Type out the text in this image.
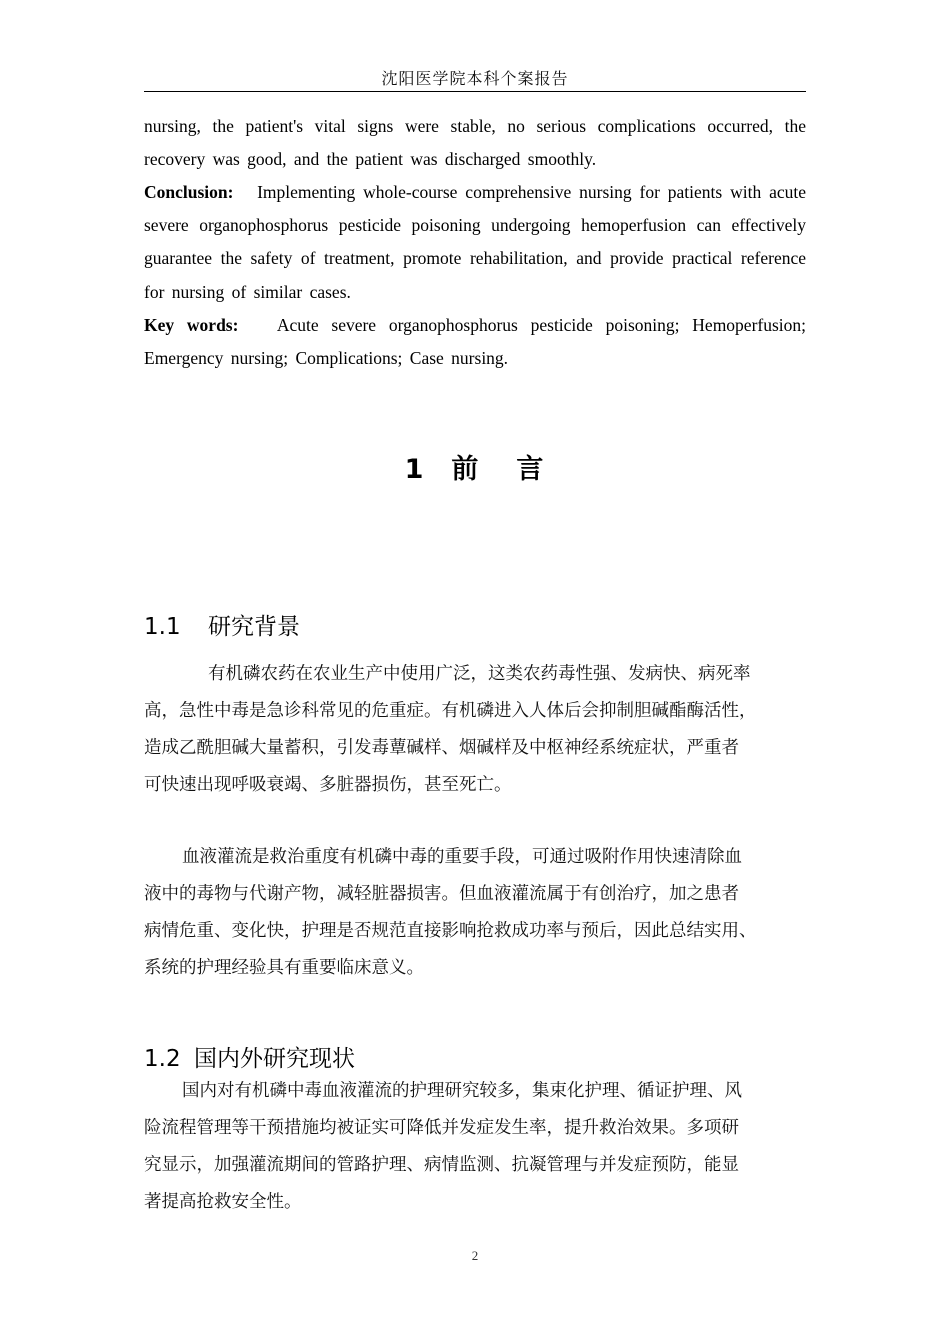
沈阳医学院本科个案报告
nursing, the patient's vital signs were stable, no serious complications occurred, the recovery was good, and the patient was discharged smoothly.
Conclusion: Implementing whole-course comprehensive nursing for patients with acute severe organophosphorus pesticide poisoning undergoing hemoperfusion can effectively guarantee the safety of treatment, promote rehabilitation, and provide practical reference for nursing of similar cases.
Key words: Acute severe organophosphorus pesticide poisoning; Hemoperfusion; Emergency nursing; Complications; Case nursing.
1 前 言
1.1 研究背景
有机磷农药在农业生产中使用广泛，这类农药毒性强、发病快、病死率
高，急性中毒是急诊科常见的危重症。有机磷进入人体后会抑制胆碱酯酶活性，
造成乙酰胆碱大量蓄积，引发毒蕈碱样、烟碱样及中枢神经系统症状，严重者
可快速出现呼吸衰竭、多脏器损伤，甚至死亡。
血液灌流是救治重度有机磷中毒的重要手段，可通过吸附作用快速清除血
液中的毒物与代谢产物，减轻脏器损害。但血液灌流属于有创治疗，加之患者
病情危重、变化快，护理是否规范直接影响抢救成功率与预后，因此总结实用、
系统的护理经验具有重要临床意义。
1.2 国内外研究现状
国内对有机磷中毒血液灌流的护理研究较多，集束化护理、循证护理、风
险流程管理等干预措施均被证实可降低并发症发生率，提升救治效果。多项研
究显示，加强灌流期间的管路护理、病情监测、抗凝管理与并发症预防，能显
著提高抢救安全性。
2
